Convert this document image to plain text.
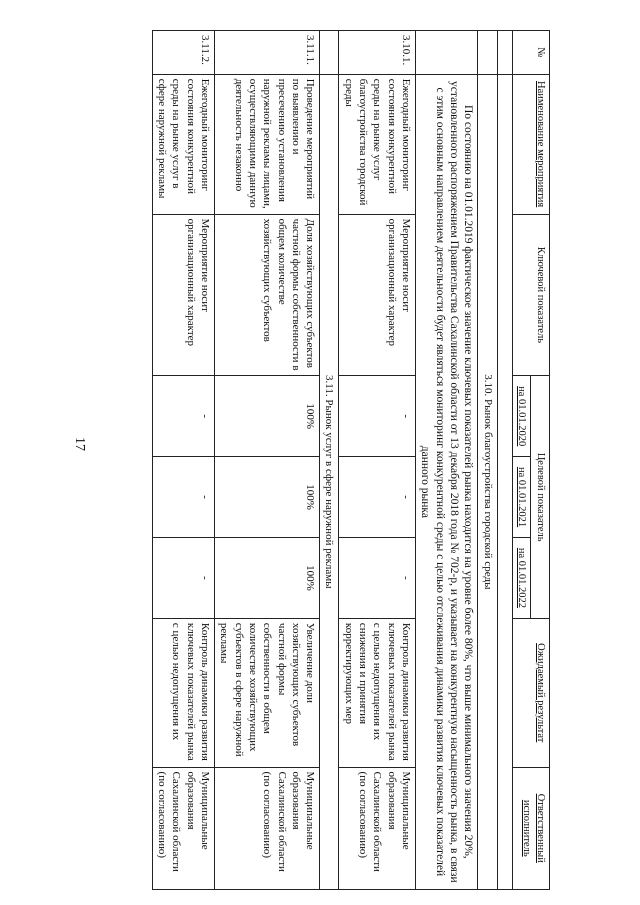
17
№	Наименование мероприятия	Ключевой показатель	Целевой показатель			Ожидаемый результат	Ответственный исполнитель
			на 01.01.2020	на 01.01.2021	на 01.01.2022		

	3.10. Рынок благоустройства городской среды						
	По состоянию на 01.01.2019 фактическое значение ключевых показателей рынка находится на уровне более 80%, что выше минимального значения 20%, установленного распоряжением Правительства Сахалинской области от 13 декабря 2018 года № 702-р, и указывает на конкурентную насыщенность рынка, в связи с этим основным направлением деятельности будет являться мониторинг конкурентной среды с целью отслеживания динамики развития ключевых показателей данного рынка						
3.10.1.	Ежегодный мониторинг состояния конкурентной среды на рынке услуг благоустройства городской среды	Мероприятие носит организационный характер	-	-	-	Контроль динамики развития ключевых показателей рынка с целью недопущения их снижения и принятия корректирующих мер	Муниципальные образования Сахалинской области (по согласованию)
	3.11. Рынок услуг в сфере наружной рекламы						
3.11.1.	Проведение мероприятий по выявлению и пресечению установления наружной рекламы лицами, осуществляющими данную деятельность незаконно	Доля хозяйствующих субъектов частной формы собственности в общем количестве хозяйствующих субъектов	100%	100%	100%	Увеличение доли хозяйствующих субъектов частной формы собственности в общем количестве хозяйствующих субъектов в сфере наружной рекламы	Муниципальные образования Сахалинской области (по согласованию)
3.11.2.	Ежегодный мониторинг состояния конкурентной среды на рынке услуг в сфере наружной рекламы	Мероприятие носит организационный характер	-	-	-	Контроль динамики развития ключевых показателей рынка с целью недопущения их	Муниципальные образования Сахалинской области (по согласованию)
